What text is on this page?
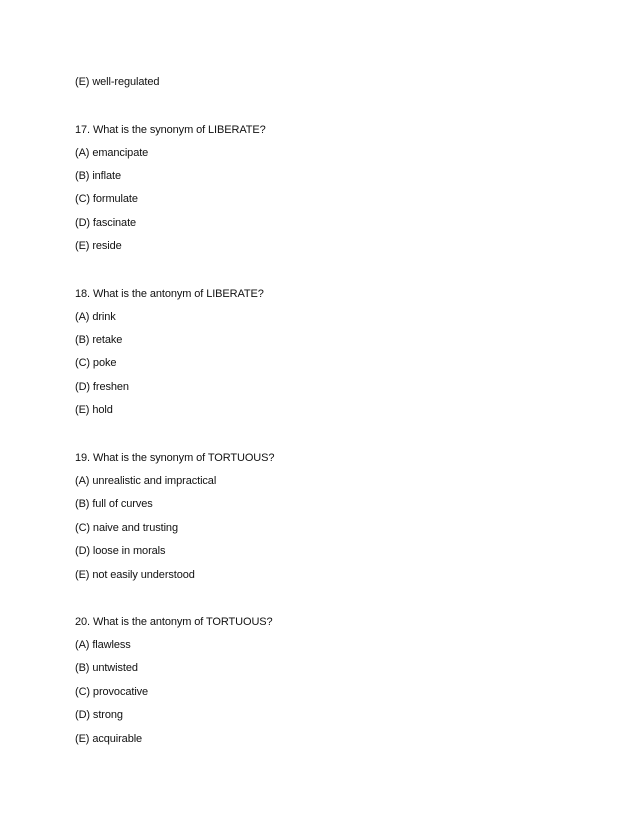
(E) well-regulated
17. What is the synonym of LIBERATE?
(A) emancipate
(B) inflate
(C) formulate
(D) fascinate
(E) reside
18. What is the antonym of LIBERATE?
(A) drink
(B) retake
(C) poke
(D) freshen
(E) hold
19. What is the synonym of TORTUOUS?
(A) unrealistic and impractical
(B) full of curves
(C) naive and trusting
(D) loose in morals
(E) not easily understood
20. What is the antonym of TORTUOUS?
(A) flawless
(B) untwisted
(C) provocative
(D) strong
(E) acquirable
